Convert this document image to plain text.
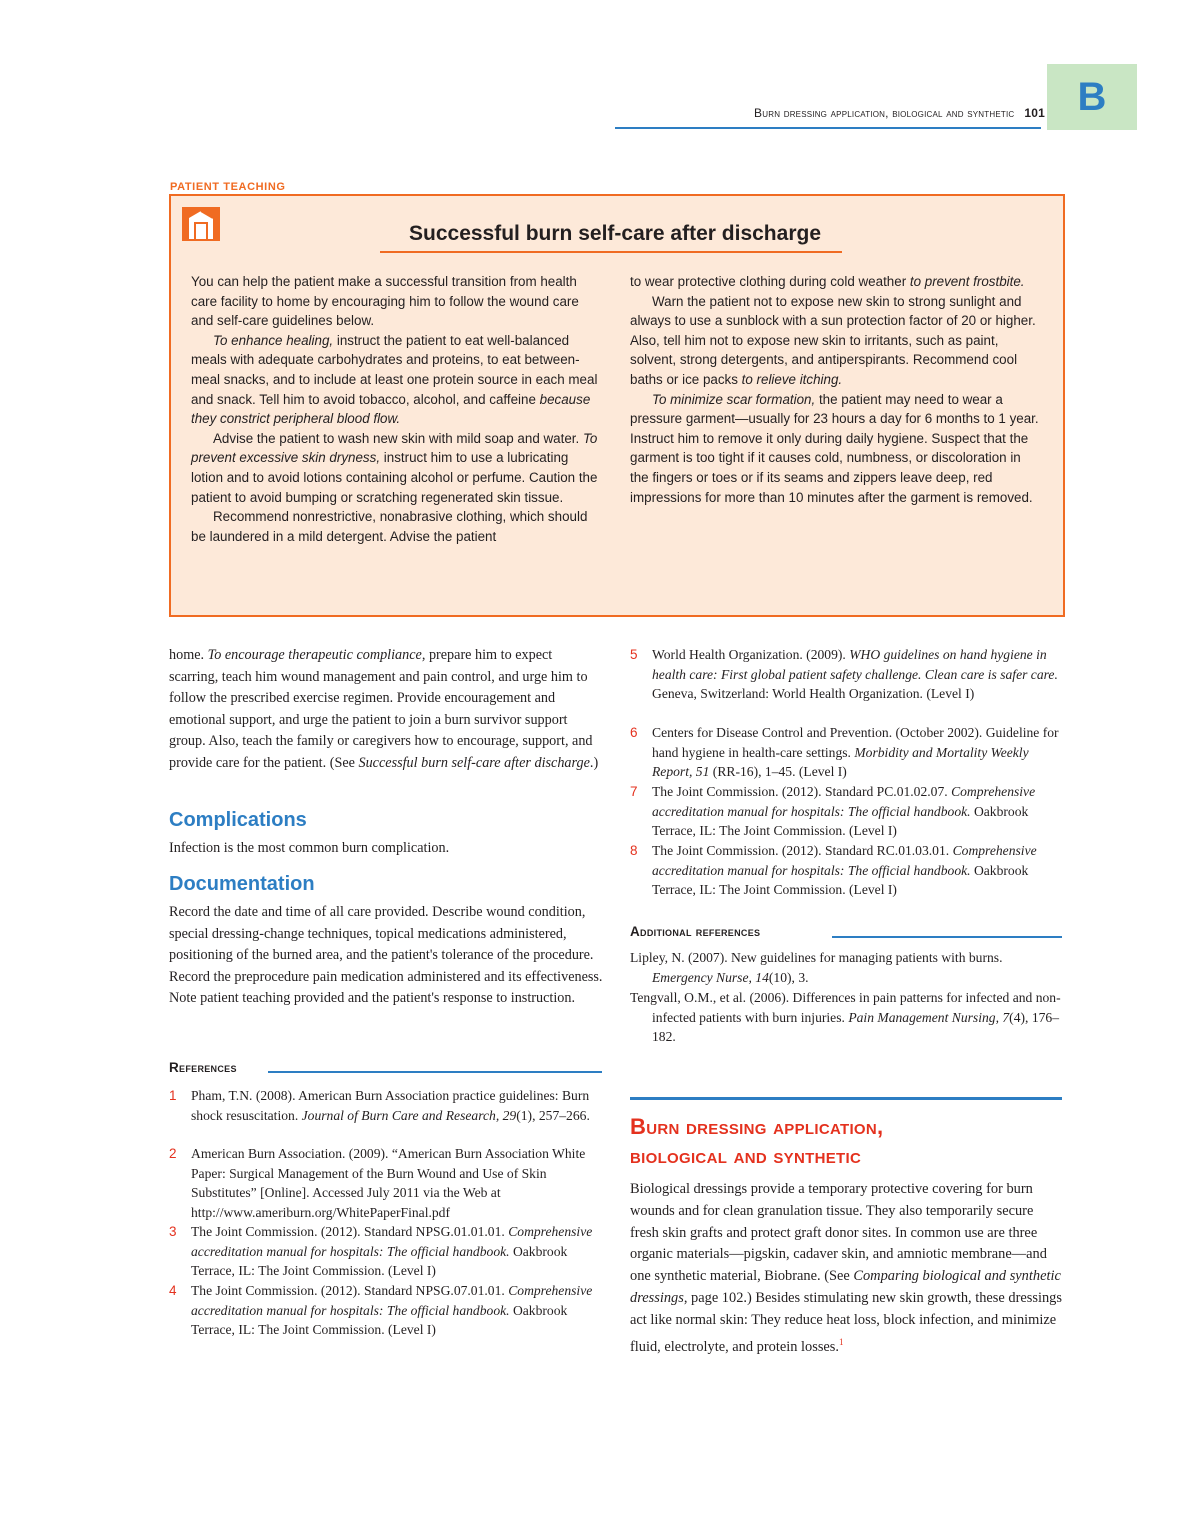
Burn dressing application, biological and synthetic 101 B
PATIENT TEACHING
Successful burn self-care after discharge

You can help the patient make a successful transition from health care facility to home by encouraging him to follow the wound care and self-care guidelines below.

To enhance healing, instruct the patient to eat well-balanced meals with adequate carbohydrates and proteins, to eat between-meal snacks, and to include at least one protein source in each meal and snack. Tell him to avoid tobacco, alcohol, and caffeine because they constrict peripheral blood flow.

Advise the patient to wash new skin with mild soap and water. To prevent excessive skin dryness, instruct him to use a lubricating lotion and to avoid lotions containing alcohol or perfume. Caution the patient to avoid bumping or scratching regenerated skin tissue.

Recommend nonrestrictive, nonabrasive clothing, which should be laundered in a mild detergent. Advise the patient

to wear protective clothing during cold weather to prevent frostbite.

Warn the patient not to expose new skin to strong sunlight and always to use a sunblock with a sun protection factor of 20 or higher. Also, tell him not to expose new skin to irritants, such as paint, solvent, strong detergents, and antiperspirants. Recommend cool baths or ice packs to relieve itching.

To minimize scar formation, the patient may need to wear a pressure garment—usually for 23 hours a day for 6 months to 1 year. Instruct him to remove it only during daily hygiene. Suspect that the garment is too tight if it causes cold, numbness, or discoloration in the fingers or toes or if its seams and zippers leave deep, red impressions for more than 10 minutes after the garment is removed.

home. To encourage therapeutic compliance, prepare him to expect scarring, teach him wound management and pain control, and urge him to follow the prescribed exercise regimen. Provide encouragement and emotional support, and urge the patient to join a burn survivor support group. Also, teach the family or caregivers how to encourage, support, and provide care for the patient. (See Successful burn self-care after discharge.)

Complications
Infection is the most common burn complication.
Documentation
Record the date and time of all care provided. Describe wound condition, special dressing-change techniques, topical medications administered, positioning of the burned area, and the patient's tolerance of the procedure. Record the preprocedure pain medication administered and its effectiveness. Note patient teaching provided and the patient's response to instruction.
References
1 Pham, T.N. (2008). American Burn Association practice guidelines: Burn shock resuscitation. Journal of Burn Care and Research, 29(1), 257–266.
2 American Burn Association. (2009). “American Burn Association White Paper: Surgical Management of the Burn Wound and Use of Skin Substitutes” [Online]. Accessed July 2011 via the Web at http://www.ameriburn.org/WhitePaperFinal.pdf
3 The Joint Commission. (2012). Standard NPSG.01.01.01. Comprehensive accreditation manual for hospitals: The official handbook. Oakbrook Terrace, IL: The Joint Commission. (Level I)
4 The Joint Commission. (2012). Standard NPSG.07.01.01. Comprehensive accreditation manual for hospitals: The official handbook. Oakbrook Terrace, IL: The Joint Commission. (Level I)
5 World Health Organization. (2009). WHO guidelines on hand hygiene in health care: First global patient safety challenge. Clean care is safer care. Geneva, Switzerland: World Health Organization. (Level I)
6 Centers for Disease Control and Prevention. (October 2002). Guideline for hand hygiene in health-care settings. Morbidity and Mortality Weekly Report, 51 (RR-16), 1–45. (Level I)
7 The Joint Commission. (2012). Standard PC.01.02.07. Comprehensive accreditation manual for hospitals: The official handbook. Oakbrook Terrace, IL: The Joint Commission. (Level I)
8 The Joint Commission. (2012). Standard RC.01.03.01. Comprehensive accreditation manual for hospitals: The official handbook. Oakbrook Terrace, IL: The Joint Commission. (Level I)
Additional references
Lipley, N. (2007). New guidelines for managing patients with burns. Emergency Nurse, 14(10), 3.
Tengvall, O.M., et al. (2006). Differences in pain patterns for infected and non-infected patients with burn injuries. Pain Management Nursing, 7(4), 176–182.
Burn dressing application,
biological and synthetic

Biological dressings provide a temporary protective covering for burn wounds and for clean granulation tissue. They also temporarily secure fresh skin grafts and protect graft donor sites. In common use are three organic materials—pigskin, cadaver skin, and amniotic membrane—and one synthetic material, Biobrane. (See Comparing biological and synthetic dressings, page 102.) Besides stimulating new skin growth, these dressings act like normal skin: They reduce heat loss, block infection, and minimize fluid, electrolyte, and protein losses.$^1$
